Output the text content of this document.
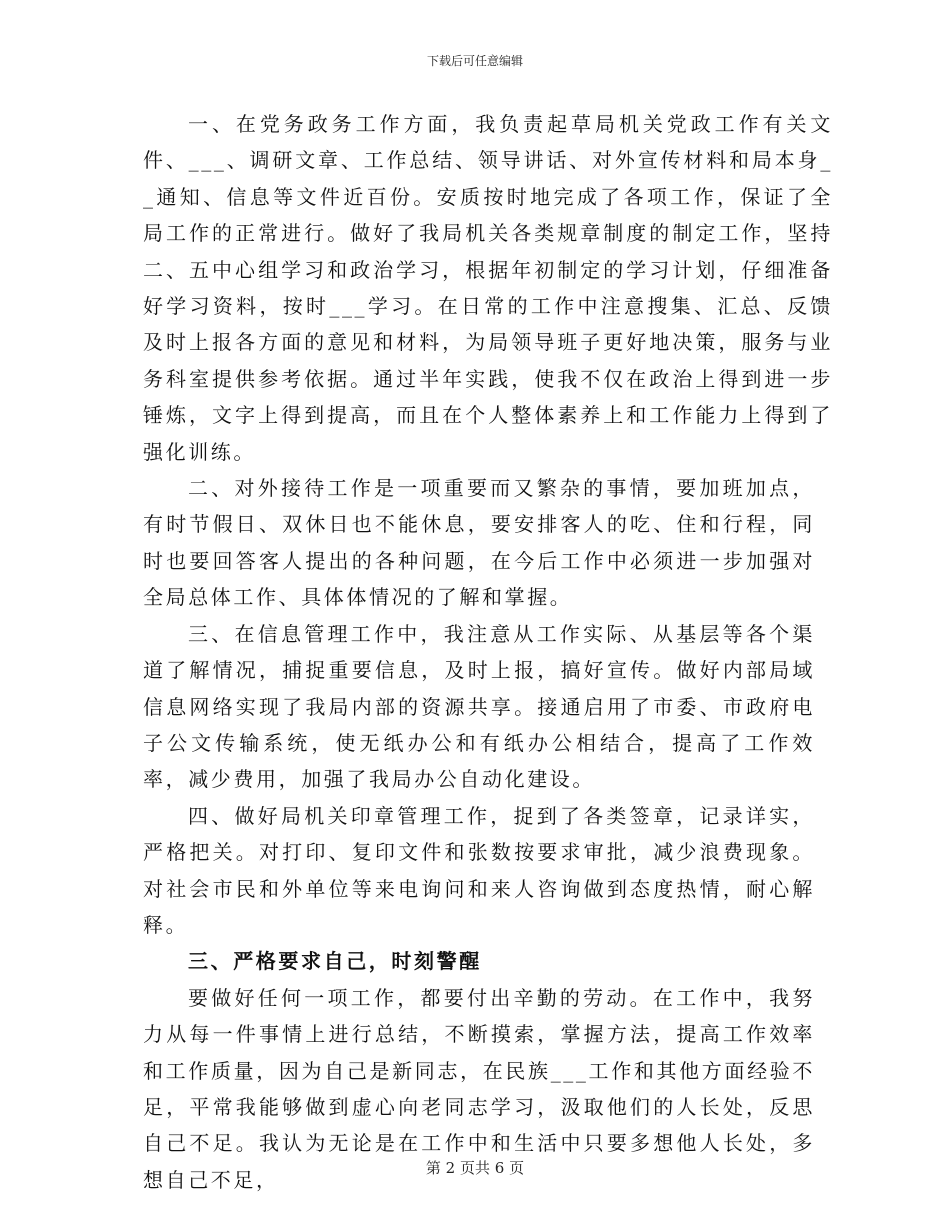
下载后可任意编辑

一、在党务政务工作方面，我负责起草局机关党政工作有关文件、___、调研文章、工作总结、领导讲话、对外宣传材料和局本身__通知、信息等文件近百份。安质按时地完成了各项工作，保证了全局工作的正常进行。做好了我局机关各类规章制度的制定工作，坚持二、五中心组学习和政治学习，根据年初制定的学习计划，仔细准备好学习资料，按时___学习。在日常的工作中注意搜集、汇总、反馈及时上报各方面的意见和材料，为局领导班子更好地决策，服务与业务科室提供参考依据。通过半年实践，使我不仅在政治上得到进一步锤炼，文字上得到提高，而且在个人整体素养上和工作能力上得到了强化训练。

二、对外接待工作是一项重要而又繁杂的事情，要加班加点，有时节假日、双休日也不能休息，要安排客人的吃、住和行程，同时也要回答客人提出的各种问题，在今后工作中必须进一步加强对全局总体工作、具体体情况的了解和掌握。

三、在信息管理工作中，我注意从工作实际、从基层等各个渠道了解情况，捕捉重要信息，及时上报，搞好宣传。做好内部局域信息网络实现了我局内部的资源共享。接通启用了市委、市政府电子公文传输系统，使无纸办公和有纸办公相结合，提高了工作效率，减少费用，加强了我局办公自动化建设。

四、做好局机关印章管理工作，捉到了各类签章，记录详实，严格把关。对打印、复印文件和张数按要求审批，减少浪费现象。对社会市民和外单位等来电询问和来人咨询做到态度热情，耐心解释。

三、严格要求自己，时刻警醒

要做好任何一项工作，都要付出辛勤的劳动。在工作中，我努力从每一件事情上进行总结，不断摸索，掌握方法，提高工作效率和工作质量，因为自己是新同志，在民族___工作和其他方面经验不足，平常我能够做到虚心向老同志学习，汲取他们的人长处，反思自己不足。我认为无论是在工作中和生活中只要多想他人长处，多想自己不足，	第 2 页共 6 页
